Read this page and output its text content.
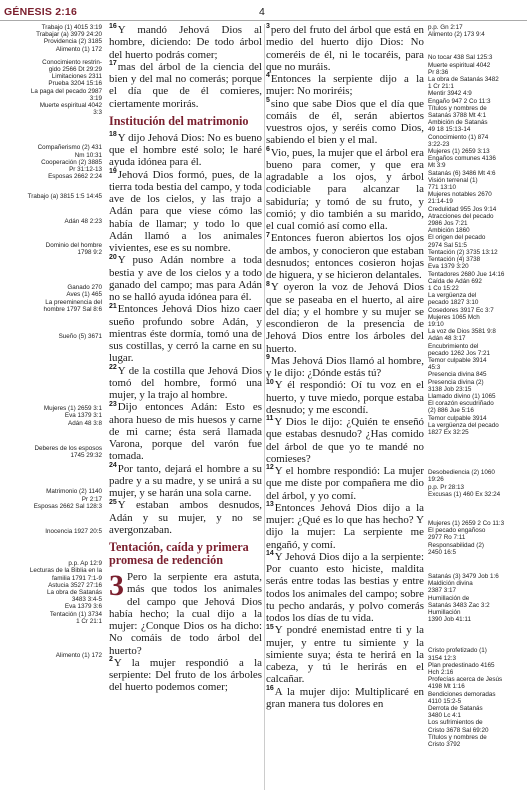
GÉNESIS 2:16	4
Trabajo (1) 4015 3:19
Trabajar (a) 3979 24:20
Providencia (2) 3185
Alimento (1) 172
Conocimiento restrin-
gido 2566 Dt 29:29
Limitaciones 2311
Prueba 3204 15:16
La paga del pecado 2987
3:19
Muerte espiritual 4042
3:3
Compañerismo (2) 431
Nm 10:31
Cooperación (2) 3885
Pr 31:12-13
Esposas 2662 2:24
Trabajo (a) 3815 1:5 14:45
Adán 48 2:23
Dominio del hombre
1798 9:2
Ganado 270
Aves (1) 465
La preeminencia del
hombre 1797 Sal 8:6
Sueño (5) 3671
Mujeres (1) 2659 3:1
Eva 1379 3:1
Adán 48 3:8
Deberes de los esposos
1745 29:32
Matrimonio (2) 1140
Pr 2:17
Esposas 2662 Sal 128:3
Inocencia 1927 20:5
p.p. Ap 12:9
Lecturas de la Biblia en la
familia 1791 7:1-9
Astucia 3527 27:16
La obra de Satanás
3483 3:4-5
Eva 1379 3:6
Tentación (1) 3734
1 Cr 21:1
Alimento (1) 172
p.p. Gn 2:17
Alimento (2) 173 9:4
No tocar 438 Sal 125:3
Muerte espiritual 4042
Pr 8:36
La obra de Satanás 3482
1 Cr 21:1
Mentir 3942 4:9
Engaño 947 2 Co 11:3
Títulos y nombres de
Satanás 3788 Mt 4:1
Ambición de Satanás
49 18 15:13-14
Conocimiento (1) 874
3:22-23
Mujeres (1) 2659 3:13
Engaños comunes 4136
Mt 3:9
Satanás (6) 3486 Mt 4:6
Visión terrenal (1)
771 13:10
Mujeres notables 2670
21:14-19
Credulidad 955 Jos 9:14
Atracciones del pecado
2986 Jos 7:21
Ambición 1860
El origen del pecado
2974 Sal 51:5
Tentación (2) 3735 13:12
Tentación (4) 3738
Eva 1379 3:20
Tentadores 2680 Jue 14:16
Caída de Adán 692
1 Co 15:22
La vergüenza del
pecado 1827 3:10
Cosedores 3917 Ec 3:7
Mujeres 1065 Mch
19:10
La voz de Dios 3581 9:8
Adán 48 3:17
Encubrimiento del
pecado 1262 Jos 7:21
Temor culpable 3914
45:3
Presencia divina 845
Presencia divina (2)
3138 Job 23:15
Llamado divino (1) 1065
El corazón escudriñado
(2) 886 Jue 5:16
Temor culpable 3914
La vergüenza del pecado
1827 Ex 32:25
Desobediencia (2) 1060
19:26
p.p. Pr 28:13
Excusas (1) 460 Ex 32:24
Mujeres (1) 2659 2 Co 11:3
El pecado engañoso
2977 Ro 7:11
Responsabilidad (2)
2450 16:5
Satanás (3) 3479 Job 1:6
Maldición divina
2387 3:17
Humillación de
Satanás 3483 Zac 3:2
Humillación
1390 Job 41:11
Cristo profetizado (1)
3154 12:3
Plan predestinado 4165
Hch 2:16
Profecías acerca de Jesús
4198 Mt 1:16
Bendiciones demoradas
4110 15:2-5
Derrota de Satanás
3480 Lc 4:1
Los sufrimientos de
Cristo 3678 Sal 69:20
Títulos y nombres de
Cristo 3792

$^{16}$Y mandó Jehová Dios al hombre, diciendo: De todo árbol del huerto podrás comer;

$^{17}$mas del árbol de la ciencia del bien y del mal no comerás; porque el día que de él comieres, ciertamente morirás.

Institución del matrimonio

$^{18}$Y dijo Jehová Dios: No es bueno que el hombre esté solo; le haré ayuda idónea para él.

$^{19}$Jehová Dios formó, pues, de la tierra toda bestia del campo, y toda ave de los cielos, y las trajo a Adán para que viese cómo las había de llamar; y todo lo que Adán llamó a los animales vivientes, ese es su nombre.

$^{20}$Y puso Adán nombre a toda bestia y ave de los cielos y a todo ganado del campo; mas para Adán no se halló ayuda idónea para él.

$^{21}$Entonces Jehová Dios hizo caer sueño profundo sobre Adán, y mientras éste dormía, tomó una de sus costillas, y cerró la carne en su lugar.

$^{22}$Y de la costilla que Jehová Dios tomó del hombre, formó una mujer, y la trajo al hombre.

$^{23}$Dijo entonces Adán: Esto es ahora hueso de mis huesos y carne de mi carne; ésta será llamada Varona, porque del varón fue tomada.

$^{24}$Por tanto, dejará el hombre a su padre y a su madre, y se unirá a su mujer, y se harán una sola carne.

$^{25}$Y estaban ambos desnudos, Adán y su mujer, y no se avergonzaban.

Tentación, caída y primera promesa de redención

3 Pero la serpiente era astuta, más que todos los animales del campo que Jehová Dios había hecho; la cual dijo a la mujer: ¿Conque Dios os ha dicho: No comáis de todo árbol del huerto?

$^2$Y la mujer respondió a la serpiente: Del fruto de los árboles del huerto podemos comer;

$^3$pero del fruto del árbol que está en medio del huerto dijo Dios: No comeréis de él, ni le tocaréis, para que no muráis.

$^4$Entonces la serpiente dijo a la mujer: No moriréis;

$^5$sino que sabe Dios que el día que comáis de él, serán abiertos vuestros ojos, y seréis como Dios, sabiendo el bien y el mal.

$^6$Vio, pues, la mujer que el árbol era bueno para comer, y que era agradable a los ojos, y árbol codiciable para alcanzar la sabiduría; y tomó de su fruto, y comió; y dio también a su marido, el cual comió así como ella.

$^7$Entonces fueron abiertos los ojos de ambos, y conocieron que estaban desnudos; entonces cosieron hojas de higuera, y se hicieron delantales.

$^8$Y oyeron la voz de Jehová Dios que se paseaba en el huerto, al aire del día; y el hombre y su mujer se escondieron de la presencia de Jehová Dios entre los árboles del huerto.

$^9$Mas Jehová Dios llamó al hombre, y le dijo: ¿Dónde estás tú?

$^{10}$Y él respondió: Oí tu voz en el huerto, y tuve miedo, porque estaba desnudo; y me escondí.

$^{11}$Y Dios le dijo: ¿Quién te enseñó que estabas desnudo? ¿Has comido del árbol de que yo te mandé no comieses?

$^{12}$Y el hombre respondió: La mujer que me diste por compañera me dio del árbol, y yo comí.

$^{13}$Entonces Jehová Dios dijo a la mujer: ¿Qué es lo que has hecho? Y dijo la mujer: La serpiente me engañó, y comí.

$^{14}$Y Jehová Dios dijo a la serpiente: Por cuanto esto hiciste, maldita serás entre todas las bestias y entre todos los animales del campo; sobre tu pecho andarás, y polvo comerás todos los días de tu vida.

$^{15}$Y pondré enemistad entre ti y la mujer, y entre tu simiente y la simiente suya; ésta te herirá en la cabeza, y tú le herirás en el calcañar.

$^{16}$A la mujer dijo: Multiplicaré en gran manera tus dolores en
